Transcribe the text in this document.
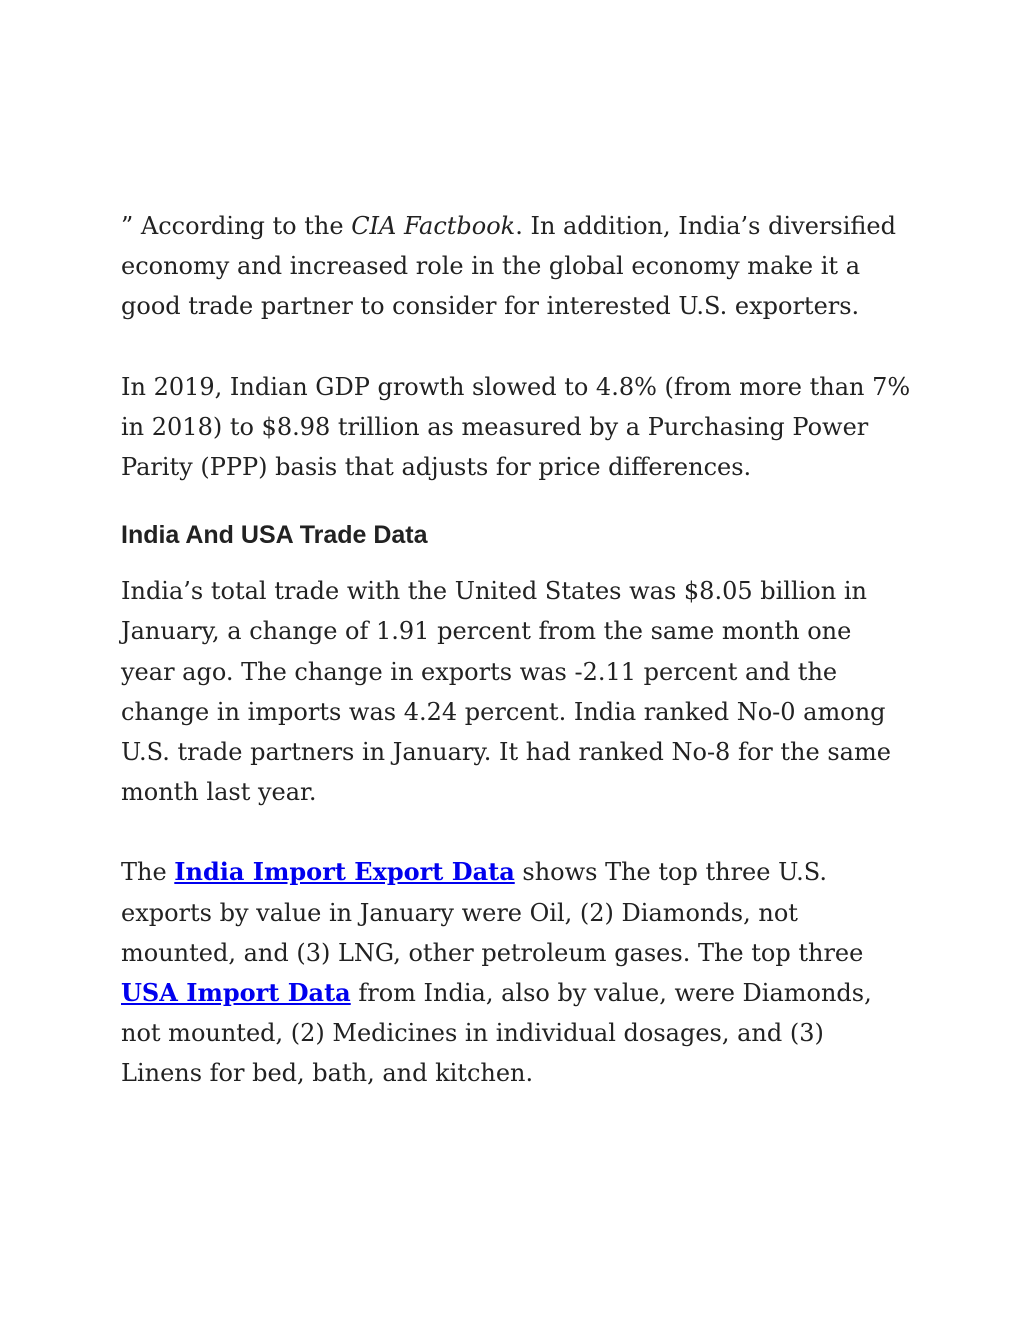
” According to the CIA Factbook. In addition, India’s diversified economy and increased role in the global economy make it a good trade partner to consider for interested U.S. exporters.

In 2019, Indian GDP growth slowed to 4.8% (from more than 7% in 2018) to $8.98 trillion as measured by a Purchasing Power Parity (PPP) basis that adjusts for price differences.

India And USA Trade Data

India’s total trade with the United States was $8.05 billion in January, a change of 1.91 percent from the same month one year ago. The change in exports was -2.11 percent and the change in imports was 4.24 percent. India ranked No-0 among U.S. trade partners in January. It had ranked No-8 for the same month last year.

The India Import Export Data shows The top three U.S. exports by value in January were Oil, (2) Diamonds, not mounted, and (3) LNG, other petroleum gases. The top three USA Import Data from India, also by value, were Diamonds, not mounted, (2) Medicines in individual dosages, and (3) Linens for bed, bath, and kitchen.
